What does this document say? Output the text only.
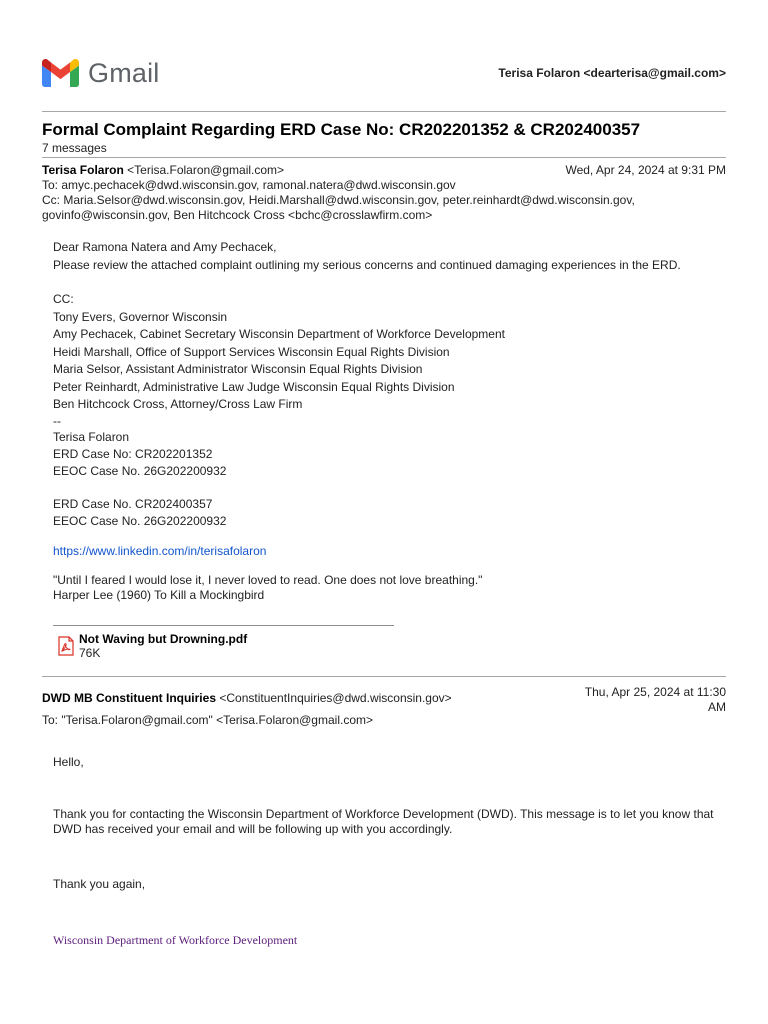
Gmail	Terisa Folaron <dearterisa@gmail.com>
Formal Complaint Regarding ERD Case No: CR202201352 & CR202400357
7 messages
Terisa Folaron <Terisa.Folaron@gmail.com>	Wed, Apr 24, 2024 at 9:31 PM
To: amyc.pechacek@dwd.wisconsin.gov, ramonal.natera@dwd.wisconsin.gov
Cc: Maria.Selsor@dwd.wisconsin.gov, Heidi.Marshall@dwd.wisconsin.gov, peter.reinhardt@dwd.wisconsin.gov,
govinfo@wisconsin.gov, Ben Hitchcock Cross <bchc@crosslawfirm.com>

Dear Ramona Natera and Amy Pechacek,

Please review the attached complaint outlining my serious concerns and continued damaging experiences in the ERD.

CC:

Tony Evers, Governor Wisconsin

Amy Pechacek, Cabinet Secretary Wisconsin Department of Workforce Development

Heidi Marshall, Office of Support Services Wisconsin Equal Rights Division

Maria Selsor, Assistant Administrator Wisconsin Equal Rights Division

Peter Reinhardt, Administrative Law Judge Wisconsin Equal Rights Division

Ben Hitchcock Cross, Attorney/Cross Law Firm

--
Terisa Folaron
ERD Case No: CR202201352
EEOC Case No. 26G202200932
ERD Case No. CR202400357
EEOC Case No. 26G202200932
https://www.linkedin.com/in/terisafolaron
"Until I feared I would lose it, I never loved to read. One does not love breathing."
Harper Lee (1960) To Kill a Mockingbird
Not Waving but Drowning.pdf
76K
Thu, Apr 25, 2024 at 11:30
AM
DWD MB Constituent Inquiries <ConstituentInquiries@dwd.wisconsin.gov>
To: "Terisa.Folaron@gmail.com" <Terisa.Folaron@gmail.com>

Hello,

Thank you for contacting the Wisconsin Department of Workforce Development (DWD). This message is to let you know that DWD has received your email and will be following up with you accordingly.

Thank you again,

Wisconsin Department of Workforce Development
